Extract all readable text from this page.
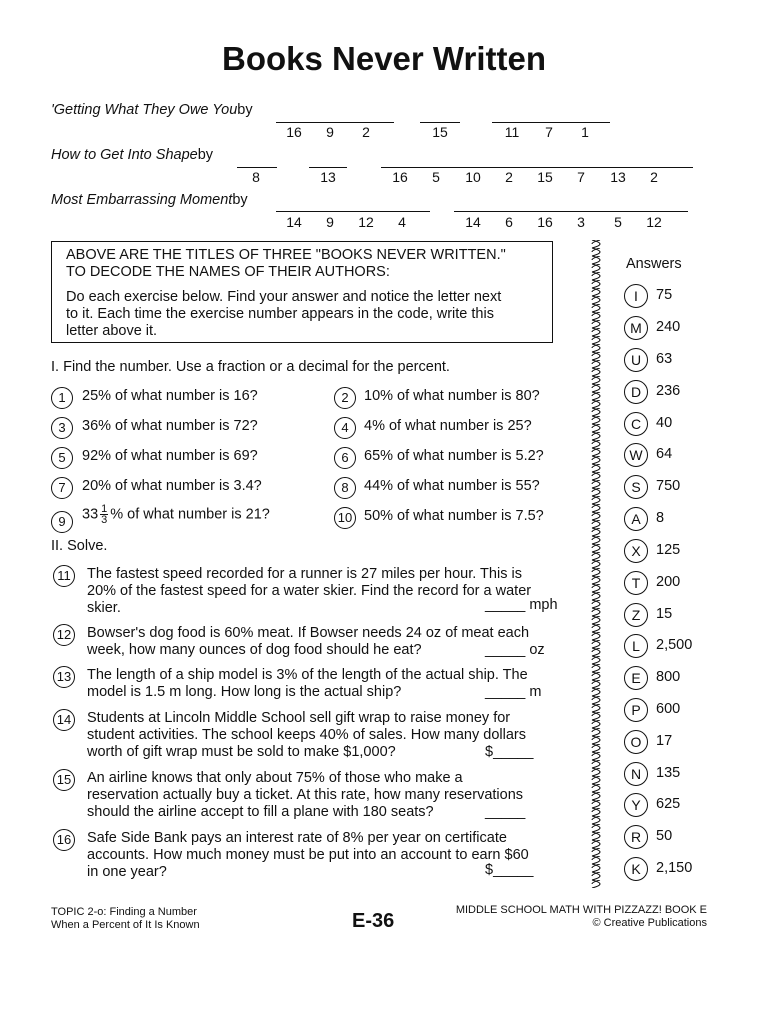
Books Never Written
'Getting What They Owe Youby
16	9	2	15	11	7	1
How to Get Into Shapeby
8	13	16	5	10	2	15	7	13	2
Most Embarrassing Momentby
14	9	12	4	14	6	16	3	5	12

ABOVE ARE THE TITLES OF THREE "BOOKS NEVER WRITTEN."

TO DECODE THE NAMES OF THEIR AUTHORS:

Do each exercise below. Find your answer and notice the letter next

to it. Each time the exercise number appears in the code, write this

letter above it.

I. Find the number. Use a fraction or a decimal for the percent.
1	25% of what number is 16?	2	10% of what number is 80?
3	36% of what number is 72?	4	4% of what number is 25?
5	92% of what number is 69?	6	65% of what number is 5.2?
7	20% of what number is 3.4?	8	44% of what number is 55?
9	$33 \frac{1}{3}$ % of what number is 21?	10 50% of what number is 7.5?
II. Solve.
11 The fastest speed recorded for a runner is 27 miles per hour. This is
20% of the fastest speed for a water skier. Find the record for a water
skier.	_____ mph
12 Bowser's dog food is 60% meat. If Bowser needs 24 oz of meat each
week, how many ounces of dog food should he eat?	_____ oz
13 The length of a ship model is 3% of the length of the actual ship. The
model is 1.5 m long. How long is the actual ship?	_____ m
14 Students at Lincoln Middle School sell gift wrap to raise money for
student activities. The school keeps 40% of sales. How many dollars
worth of gift wrap must be sold to make $1,000?	$_____
15 An airline knows that only about 75% of those who make a
reservation actually buy a ticket. At this rate, how many reservations
should the airline accept to fill a plane with 180 seats?	_____
16 Safe Side Bank pays an interest rate of 8% per year on certificate
accounts. How much money must be put into an account to earn $60
in one year?	$_____
Answers
I	75
M 240
U	63
D	236
C	40
W 64
S	750
A	8
X	125
T	200
Z	15
L	2,500
E	800
P	600
O	17
N	135
Y	625
R	50
K	2,150
TOPIC 2-o: Finding a Number
When a Percent of It Is Known	E-36	MIDDLE SCHOOL MATH WITH PIZZAZZ! BOOK E
© Creative Publications
